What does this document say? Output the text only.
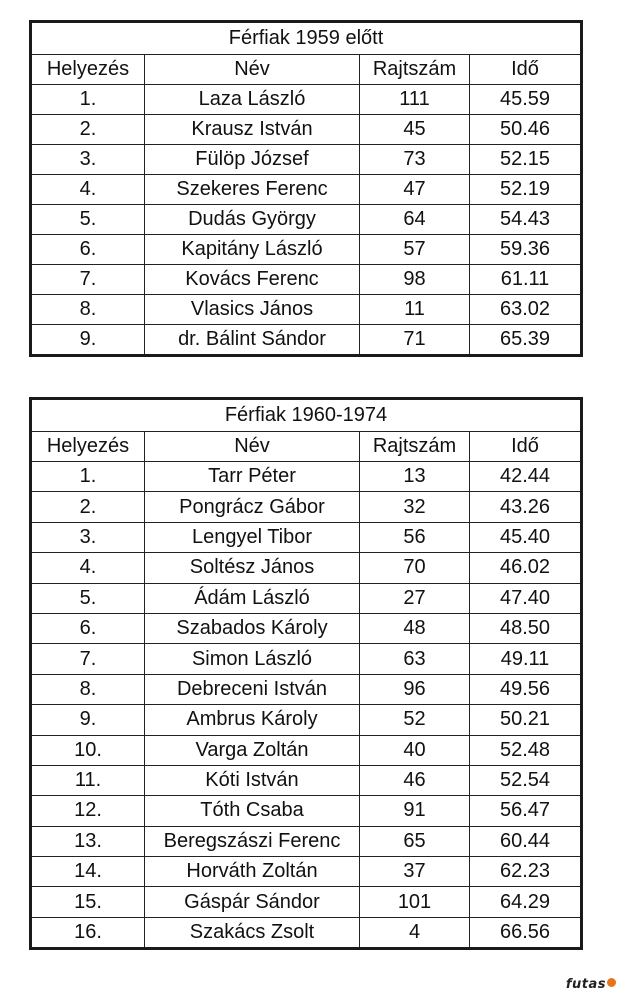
Férfiak 1959 előtt			
Helyezés	Név	Rajtszám	Idő
1.	Laza László	111	45.59
2.	Krausz István	45	50.46
3.	Fülöp József	73	52.15
4.	Szekeres Ferenc	47	52.19
5.	Dudás György	64	54.43
6.	Kapitány László	57	59.36
7.	Kovács Ferenc	98	61.11
8.	Vlasics János	11	63.02
9.	dr. Bálint Sándor	71	65.39
Férfiak 1960-1974			
Helyezés	Név	Rajtszám	Idő
1.	Tarr Péter	13	42.44
2.	Pongrácz Gábor	32	43.26
3.	Lengyel Tibor	56	45.40
4.	Soltész János	70	46.02
5.	Ádám László	27	47.40
6.	Szabados Károly	48	48.50
7.	Simon László	63	49.11
8.	Debreceni István	96	49.56
9.	Ambrus Károly	52	50.21
10.	Varga Zoltán	40	52.48
11.	Kóti István	46	52.54
12.	Tóth Csaba	91	56.47
13.	Beregszászi Ferenc	65	60.44
14.	Horváth Zoltán	37	62.23
15.	Gáspár Sándor	101	64.29
16.	Szakács Zsolt	4	66.56
futas
